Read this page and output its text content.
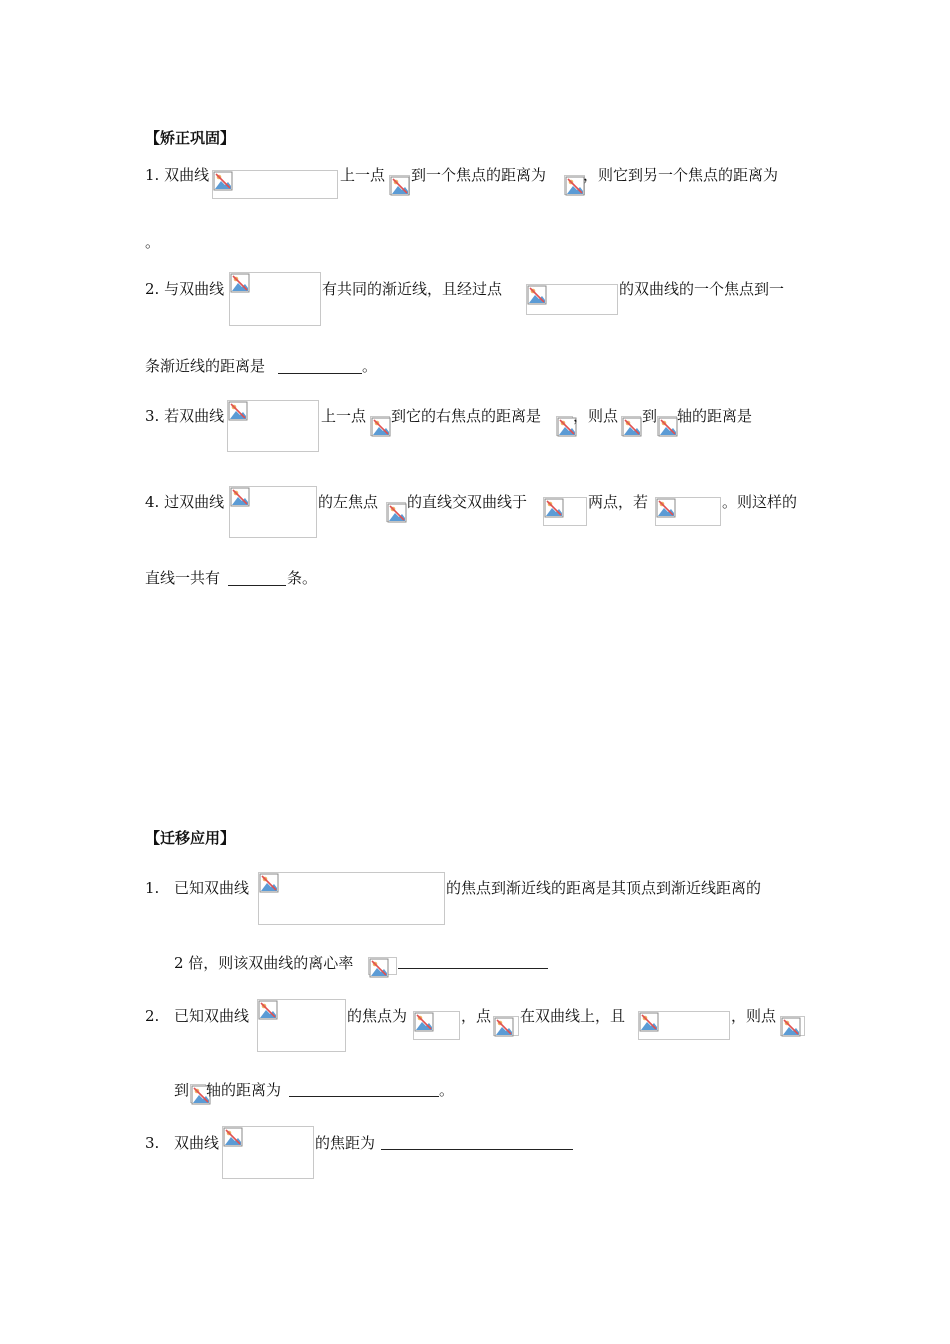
【矫正巩固】
1. 双曲线	上一点 到一个焦点的距离为 ，则它到另一个焦点的距离为
。
2. 与双曲线	有共同的渐近线，且经过点	的双曲线的一个焦点到一
条渐近线的距离是	。
3. 若双曲线	上一点 到它的右焦点的距离是 ，则点 到 轴的距离是
4. 过双曲线	的左焦点 的直线交双曲线于	两点，若	。则这样的
直线一共有	条。
【迁移应用】
1. 已知双曲线	的焦点到渐近线的距离是其顶点到渐近线距离的
2 倍，则该双曲线的离心率
2. 已知双曲线	的焦点为	，点 在双曲线上，且	，则点
到 轴的距离为	。
3. 双曲线	的焦距为
